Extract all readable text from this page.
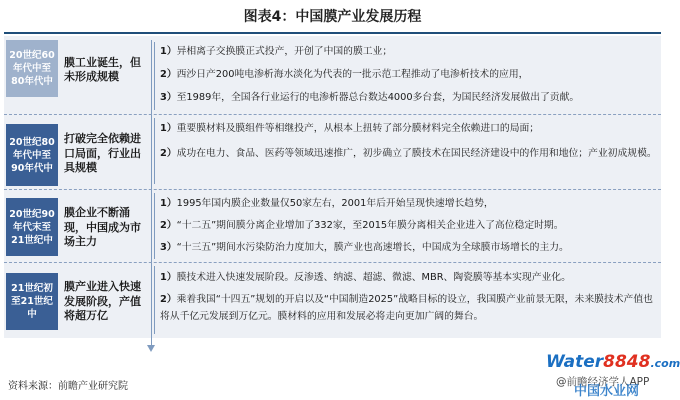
图表4：中国膜产业发展历程
20世纪60年代中至80年代中
膜工业诞生，但未形成规模
1）异相离子交换膜正式投产，开创了中国的膜工业；
2）西沙日产200吨电渗析海水淡化为代表的一批示范工程推动了电渗析技术的应用，
3）至1989年，全国各行业运行的电渗析器总台数达4000多台套，为国民经济发展做出了贡献。
20世纪80年代中至90年代中
打破完全依赖进口局面，行业出具规模
1）重要膜材料及膜组件等相继投产，从根本上扭转了部分膜材料完全依赖进口的局面；
2）成功在电力、食品、医药等领域迅速推广，初步确立了膜技术在国民经济建设中的作用和地位；产业初成规模。
20世纪90年代末至21世纪中
膜企业不断涌现，中国成为市场主力
1）1995年国内膜企业数量仅50家左右，2001年后开始呈现快速增长趋势，
2）“十二五”期间膜分离企业增加了332家，至2015年膜分离相关企业进入了高位稳定时期。
3）“十三五”期间水污染防治力度加大，膜产业也高速增长，中国成为全球膜市场增长的主力。
21世纪初至21世纪中
膜产业进入快速发展阶段，产值将超万亿
1）膜技术进入快速发展阶段。反渗透、纳滤、超滤、微滤、MBR、陶瓷膜等基本实现产业化。
2）乘着我国“十四五”规划的开启以及“中国制造2025”战略目标的设立，我国膜产业前景无限，未来膜技术产值也将从千亿元发展到万亿元。膜材料的应用和发展必将走向更加广阔的舞台。
资料来源：前瞻产业研究院
Water8848.com
@前瞻经济学人APP
中国水业网
